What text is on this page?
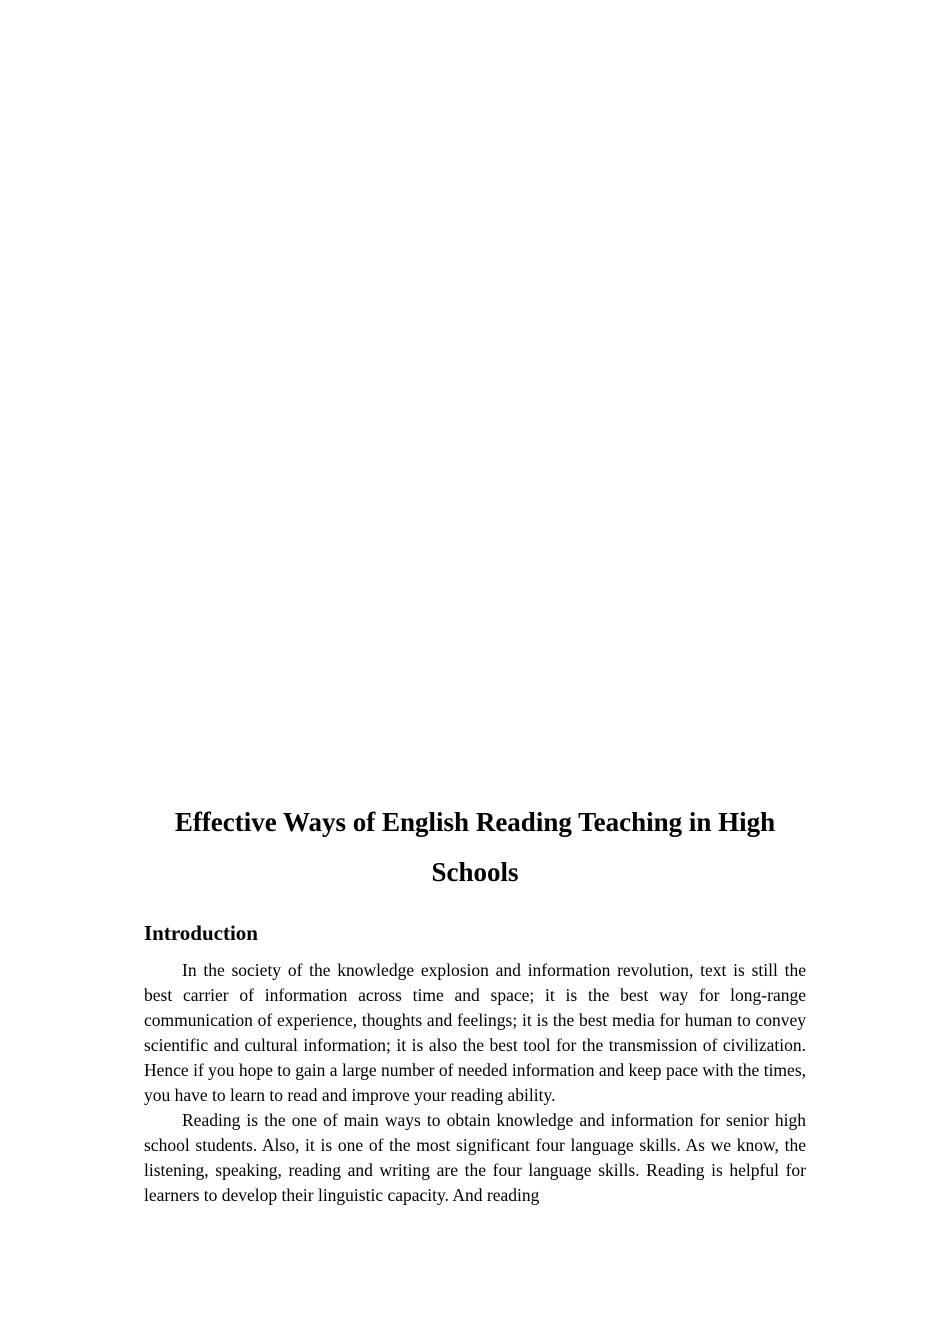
Effective Ways of English Reading Teaching in High Schools
Introduction

In the society of the knowledge explosion and information revolution, text is still the best carrier of information across time and space; it is the best way for long-range communication of experience, thoughts and feelings; it is the best media for human to convey scientific and cultural information; it is also the best tool for the transmission of civilization. Hence if you hope to gain a large number of needed information and keep pace with the times, you have to learn to read and improve your reading ability.

Reading is the one of main ways to obtain knowledge and information for senior high school students. Also, it is one of the most significant four language skills. As we know, the listening, speaking, reading and writing are the four language skills. Reading is helpful for learners to develop their linguistic capacity. And reading
